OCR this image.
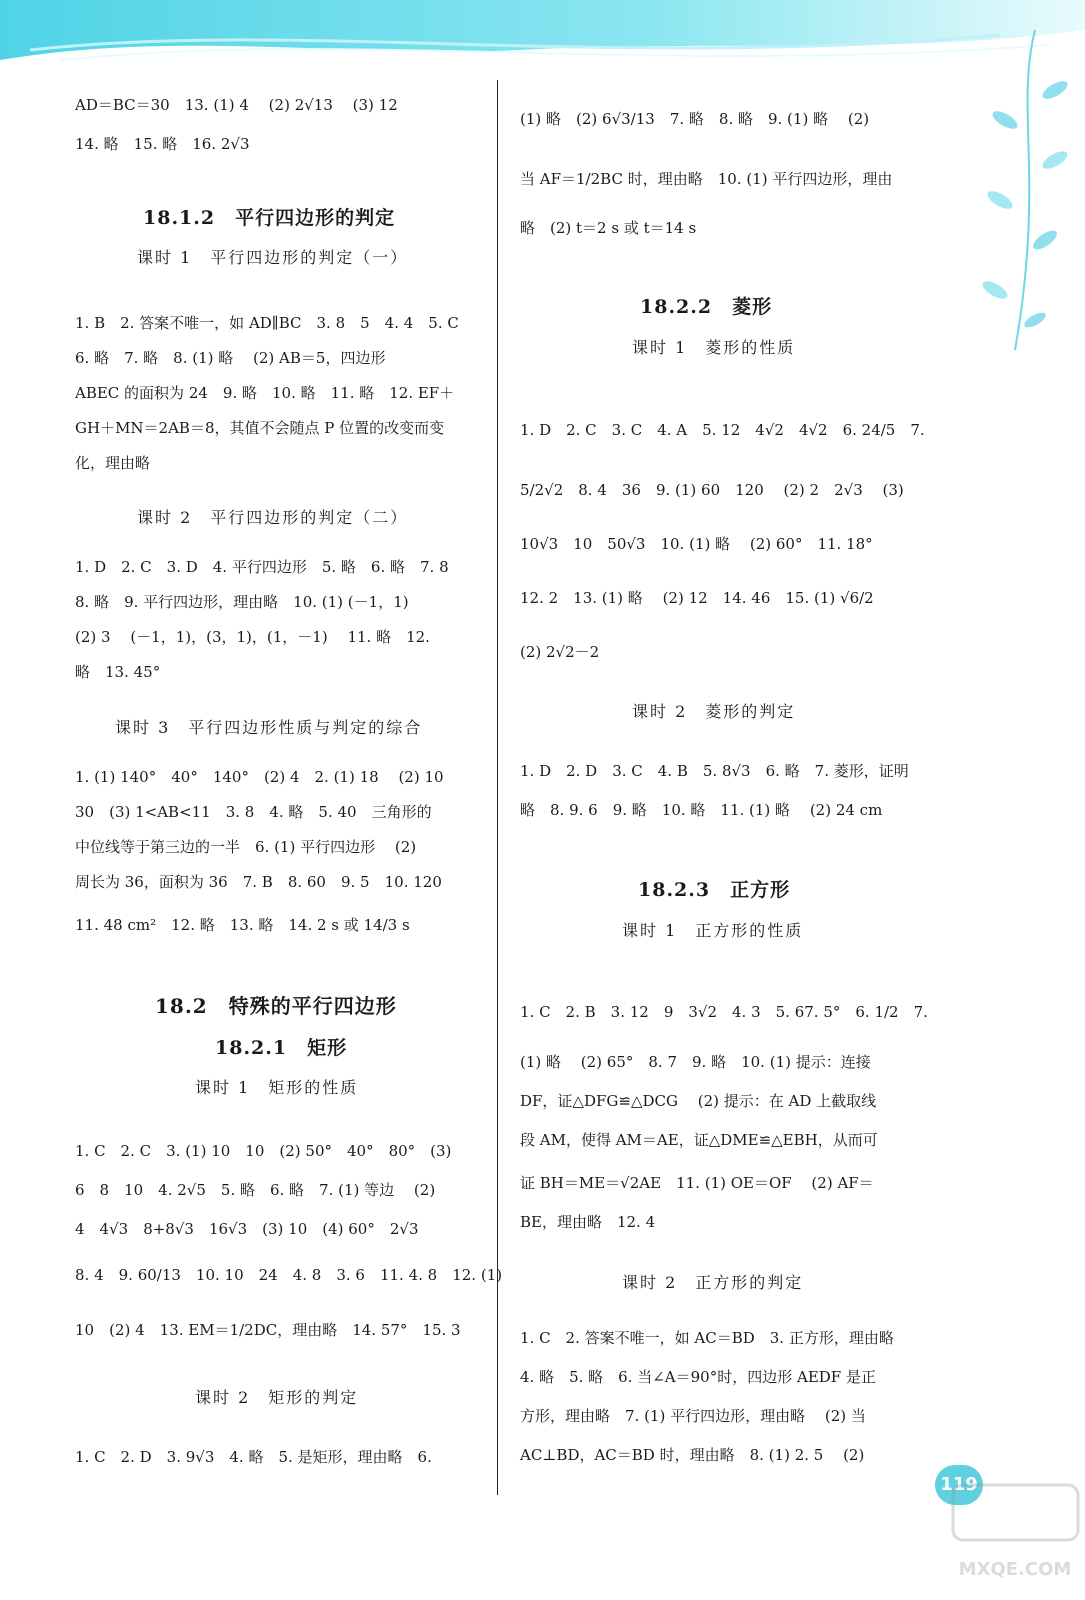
AD＝BC＝30　13. (1) 4　 (2) 2√13　 (3) 12
14. 略　15. 略　16. 2√3
18.1.2　平行四边形的判定
课时 1　平行四边形的判定（一）
1. B　2. 答案不唯一，如 AD∥BC　3. 8　5　4. 4　5. C
6. 略　7. 略　8. (1) 略　 (2) AB＝5，四边形
ABEC 的面积为 24　9. 略　10. 略　11. 略　12. EF＋
GH＋MN＝2AB＝8，其值不会随点 P 位置的改变而变
化，理由略
课时 2　平行四边形的判定（二）
1. D　2. C　3. D　4. 平行四边形　5. 略　6. 略　7. 8
8. 略　9. 平行四边形，理由略　10. (1) (－1，1)
(2) 3　 (－1，1)，(3，1)，(1，－1)　 11. 略　12.
略　13. 45°
课时 3　平行四边形性质与判定的综合
1. (1) 140°　40°　140°　(2) 4　2. (1) 18　 (2) 10
30　(3) 1<AB<11　3. 8　4. 略　5. 40　三角形的
中位线等于第三边的一半　6. (1) 平行四边形　 (2)
周长为 36，面积为 36　7. B　8. 60　9. 5　10. 120
11. 48 cm²　12. 略　13. 略　14. 2 s 或 14/3 s
18.2　特殊的平行四边形
18.2.1　矩形
课时 1　矩形的性质
1. C　2. C　3. (1) 10　10　(2) 50°　40°　80°　(3)
6　8　10　4. 2√5　5. 略　6. 略　7. (1) 等边　 (2)
4　4√3　8+8√3　16√3　(3) 10　(4) 60°　2√3
8. 4　9. 60/13　10. 10　24　4. 8　3. 6　11. 4. 8　12. (1)
10　(2) 4　13. EM＝1/2DC，理由略　14. 57°　15. 3
课时 2　矩形的判定
1. C　2. D　3. 9√3　4. 略　5. 是矩形，理由略　6.
(1) 略　(2) 6√3/13　7. 略　8. 略　9. (1) 略　 (2)
当 AF＝1/2BC 时，理由略　10. (1) 平行四边形，理由
略　(2) t＝2 s 或 t＝14 s
18.2.2　菱形
课时 1　菱形的性质
1. D　2. C　3. C　4. A　5. 12　4√2　4√2　6. 24/5　7.
5/2√2　8. 4　36　9. (1) 60　120　 (2) 2　2√3　 (3)
10√3　10　50√3　10. (1) 略　 (2) 60°　11. 18°
12. 2　13. (1) 略　 (2) 12　14. 46　15. (1) √6/2
(2) 2√2－2
课时 2　菱形的判定
1. D　2. D　3. C　4. B　5. 8√3　6. 略　7. 菱形，证明
略　8. 9. 6　9. 略　10. 略　11. (1) 略　 (2) 24 cm
18.2.3　正方形
课时 1　正方形的性质
1. C　2. B　3. 12　9　3√2　4. 3　5. 67. 5°　6. 1/2　7.
(1) 略　 (2) 65°　8. 7　9. 略　10. (1) 提示：连接
DF，证△DFG≌△DCG　 (2) 提示：在 AD 上截取线
段 AM，使得 AM＝AE，证△DME≌△EBH，从而可
证 BH＝ME＝√2AE　11. (1) OE＝OF　 (2) AF＝
BE，理由略　12. 4
课时 2　正方形的判定
1. C　2. 答案不唯一，如 AC＝BD　3. 正方形，理由略
4. 略　5. 略　6. 当∠A＝90°时，四边形 AEDF 是正
方形，理由略　7. (1) 平行四边形，理由略　 (2) 当
AC⊥BD，AC＝BD 时，理由略　8. (1) 2. 5　 (2)
119
MXQE.COM
